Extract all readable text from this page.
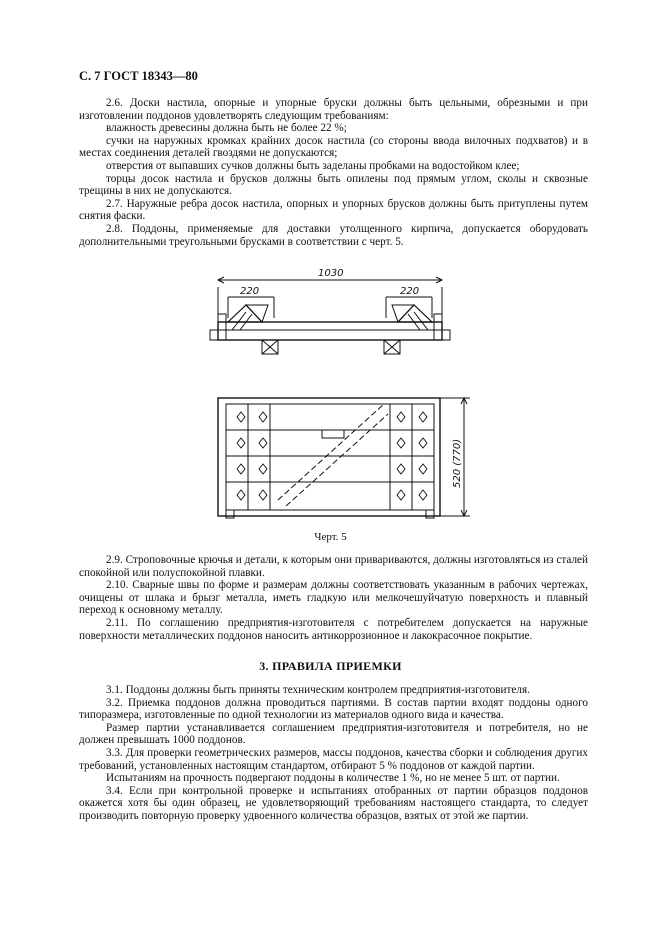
С. 7 ГОСТ 18343—80

2.6. Доски настила, опорные и упорные бруски должны быть цельными, обрезными и при изготовлении поддонов удовлетворять следующим требованиям:

влажность древесины должна быть не более 22 %;

сучки на наружных кромках крайних досок настила (со стороны ввода вилочных подхватов) и в местах соединения деталей гвоздями не допускаются;

отверстия от выпавших сучков должны быть заделаны пробками на водостойком клее;

торцы досок настила и брусков должны быть опилены под прямым углом, сколы и сквозные трещины в них не допускаются.

2.7. Наружные ребра досок настила, опорных и упорных брусков должны быть притуплены путем снятия фаски.

2.8. Поддоны, применяемые для доставки утолщенного кирпича, допускается оборудовать дополнительными треугольными брусками в соответствии с черт. 5.

1030
220	220
520 (770)
Черт. 5

2.9. Строповочные крючья и детали, к которым они привариваются, должны изготовляться из сталей спокойной или полуспокойной плавки.

2.10. Сварные швы по форме и размерам должны соответствовать указанным в рабочих чертежах, очищены от шлака и брызг металла, иметь гладкую или мелкочешуйчатую поверхность и плавный переход к основному металлу.

2.11. По соглашению предприятия-изготовителя с потребителем допускается на наружные поверхности металлических поддонов наносить антикоррозионное и лакокрасочное покрытие.

3. ПРАВИЛА ПРИЕМКИ

3.1. Поддоны должны быть приняты техническим контролем предприятия-изготовителя.

3.2. Приемка поддонов должна проводиться партиями. В состав партии входят поддоны одного типоразмера, изготовленные по одной технологии из материалов одного вида и качества.

Размер партии устанавливается соглашением предприятия-изготовителя и потребителя, но не должен превышать 1000 поддонов.

3.3. Для проверки геометрических размеров, массы поддонов, качества сборки и соблюдения других требований, установленных настоящим стандартом, отбирают 5 % поддонов от каждой партии.

Испытаниям на прочность подвергают поддоны в количестве 1 %, но не менее 5 шт. от партии.

3.4. Если при контрольной проверке и испытаниях отобранных от партии образцов поддонов окажется хотя бы один образец, не удовлетворяющий требованиям настоящего стандарта, то следует производить повторную проверку удвоенного количества образцов, взятых от этой же партии.
